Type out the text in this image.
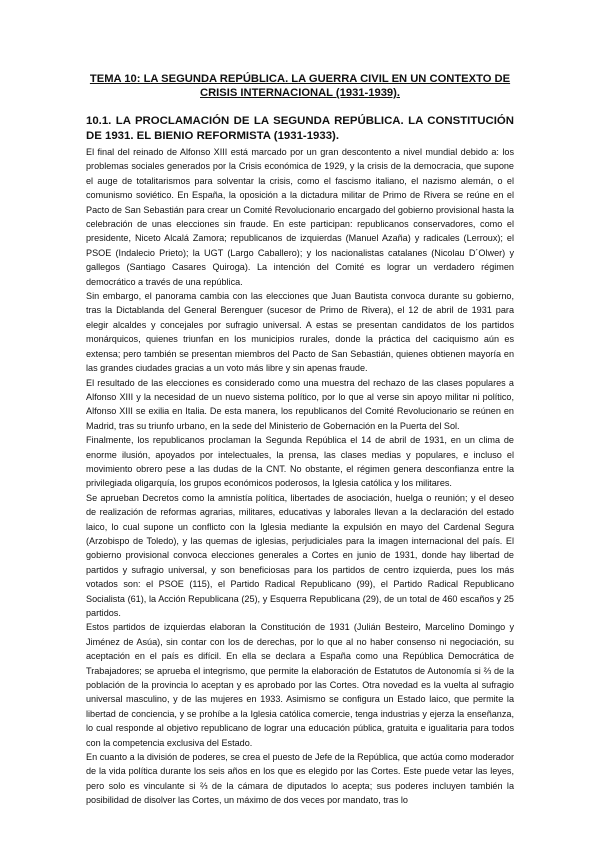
TEMA 10: LA SEGUNDA REPÚBLICA. LA GUERRA CIVIL EN UN CONTEXTO DE
CRISIS INTERNACIONAL (1931-1939).
10.1. LA PROCLAMACIÓN DE LA SEGUNDA REPÚBLICA. LA CONSTITUCIÓN DE 1931. EL BIENIO REFORMISTA (1931-1933).

El final del reinado de Alfonso XIII está marcado por un gran descontento a nivel mundial debido a: los problemas sociales generados por la Crisis económica de 1929, y la crisis de la democracia, que supone el auge de totalitarismos para solventar la crisis, como el fascismo italiano, el nazismo alemán, o el comunismo soviético. En España, la oposición a la dictadura militar de Primo de Rivera se reúne en el Pacto de San Sebastián para crear un Comité Revolucionario encargado del gobierno provisional hasta la celebración de unas elecciones sin fraude. En este participan: republicanos conservadores, como el presidente, Niceto Alcalá Zamora; republicanos de izquierdas (Manuel Azaña) y radicales (Lerroux); el PSOE (Indalecio Prieto); la UGT (Largo Caballero); y los nacionalistas catalanes (Nicolau D´Olwer) y gallegos (Santiago Casares Quiroga). La intención del Comité es lograr un verdadero régimen democrático a través de una república.

Sin embargo, el panorama cambia con las elecciones que Juan Bautista convoca durante su gobierno, tras la Dictablanda del General Berenguer (sucesor de Primo de Rivera), el 12 de abril de 1931 para elegir alcaldes y concejales por sufragio universal. A estas se presentan candidatos de los partidos monárquicos, quienes triunfan en los municipios rurales, donde la práctica del caciquismo aún es extensa; pero también se presentan miembros del Pacto de San Sebastián, quienes obtienen mayoría en las grandes ciudades gracias a un voto más libre y sin apenas fraude.

El resultado de las elecciones es considerado como una muestra del rechazo de las clases populares a Alfonso XIII y la necesidad de un nuevo sistema político, por lo que al verse sin apoyo militar ni político, Alfonso XIII se exilia en Italia. De esta manera, los republicanos del Comité Revolucionario se reúnen en Madrid, tras su triunfo urbano, en la sede del Ministerio de Gobernación en la Puerta del Sol.

Finalmente, los republicanos proclaman la Segunda República el 14 de abril de 1931, en un clima de enorme ilusión, apoyados por intelectuales, la prensa, las clases medias y populares, e incluso el movimiento obrero pese a las dudas de la CNT. No obstante, el régimen genera desconfianza entre la privilegiada oligarquía, los grupos económicos poderosos, la Iglesia católica y los militares.

Se aprueban Decretos como la amnistía política, libertades de asociación, huelga o reunión; y el deseo de realización de reformas agrarias, militares, educativas y laborales llevan a la declaración del estado laico, lo cual supone un conflicto con la Iglesia mediante la expulsión en mayo del Cardenal Segura (Arzobispo de Toledo), y las quemas de iglesias, perjudiciales para la imagen internacional del país. El gobierno provisional convoca elecciones generales a Cortes en junio de 1931, donde hay libertad de partidos y sufragio universal, y son beneficiosas para los partidos de centro izquierda, pues los más votados son: el PSOE (115), el Partido Radical Republicano (99), el Partido Radical Republicano Socialista (61), la Acción Republicana (25), y Esquerra Republicana (29), de un total de 460 escaños y 25 partidos.

Estos partidos de izquierdas elaboran la Constitución de 1931 (Julián Besteiro, Marcelino Domingo y Jiménez de Asúa), sin contar con los de derechas, por lo que al no haber consenso ni negociación, su aceptación en el país es difícil. En ella se declara a España como una República Democrática de Trabajadores; se aprueba el integrismo, que permite la elaboración de Estatutos de Autonomía si ⅔ de la población de la provincia lo aceptan y es aprobado por las Cortes. Otra novedad es la vuelta al sufragio universal masculino, y de las mujeres en 1933. Asimismo se configura un Estado laico, que permite la libertad de conciencia, y se prohíbe a la Iglesia católica comercie, tenga industrias y ejerza la enseñanza, lo cual responde al objetivo republicano de lograr una educación pública, gratuita e igualitaria para todos con la competencia exclusiva del Estado.

En cuanto a la división de poderes, se crea el puesto de Jefe de la República, que actúa como moderador de la vida política durante los seis años en los que es elegido por las Cortes. Este puede vetar las leyes, pero solo es vinculante si ⅔ de la cámara de diputados lo acepta; sus poderes incluyen también la posibilidad de disolver las Cortes, un máximo de dos veces por mandato, tras lo
